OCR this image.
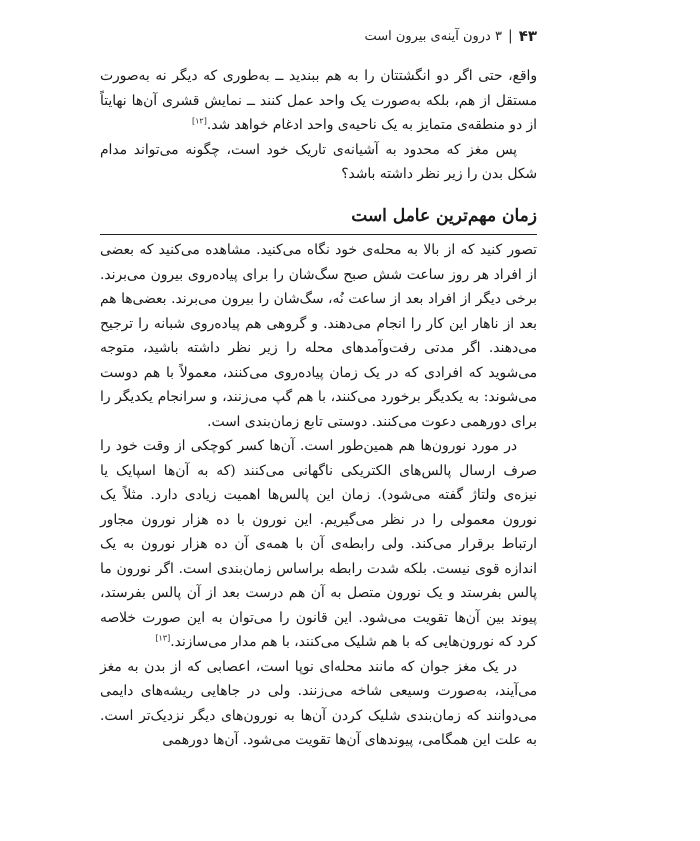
۴۳
|
۳ درون آینه‌ی بیرون است

واقع، حتی اگر دو انگشتتان را به هم ببندید ــ به‌طوری که دیگر نه به‌صورت مستقل از هم، بلکه به‌صورت یک واحد عمل کنند ــ نمایش قشری آن‌ها نهایتاً از دو منطقه‌ی متمایز به یک ناحیه‌ی واحد ادغام خواهد شد.[۱۲]

پس مغز که محدود به آشیانه‌ی تاریک خود است، چگونه می‌تواند مدام شکل بدن را زیر نظر داشته باشد؟

زمان مهم‌ترین عامل است

تصور کنید که از بالا به محله‌ی خود نگاه می‌کنید. مشاهده می‌کنید که بعضی از افراد هر روز ساعت شش صبح سگ‌شان را برای پیاده‌روی بیرون می‌برند. برخی دیگر از افراد بعد از ساعت نُه، سگ‌شان را بیرون می‌برند. بعضی‌ها هم بعد از ناهار این کار را انجام می‌دهند. و گروهی هم پیاده‌روی شبانه را ترجیح می‌دهند. اگر مدتی رفت‌وآمدهای محله را زیر نظر داشته باشید، متوجه می‌شوید که افرادی که در یک زمان پیاده‌روی می‌کنند، معمولاً با هم دوست می‌شوند: به یکدیگر برخورد می‌کنند، با هم گپ می‌زنند، و سرانجام یکدیگر را برای دورهمی دعوت می‌کنند. دوستی تابع زمان‌بندی است.

در مورد نورون‌ها هم همین‌طور است. آن‌ها کسر کوچکی از وقت خود را صرف ارسال پالس‌های الکتریکی ناگهانی می‌کنند (که به آن‌ها اسپایک یا نیزه‌ی ولتاژ گفته می‌شود). زمان این پالس‌ها اهمیت زیادی دارد. مثلاً یک نورون معمولی را در نظر می‌گیریم. این نورون با ده هزار نورون مجاور ارتباط برقرار می‌کند. ولی رابطه‌ی آن با همه‌ی آن ده هزار نورون به یک اندازه قوی نیست. بلکه شدت رابطه براساس زمان‌بندی است. اگر نورون ما پالس بفرستد و یک نورون متصل به آن هم درست بعد از آن پالس بفرستد، پیوند بین آن‌ها تقویت می‌شود. این قانون را می‌توان به این صورت خلاصه کرد که نورون‌هایی که با هم شلیک می‌کنند، با هم مدار می‌سازند.[۱۳]

در یک مغز جوان که مانند محله‌ای نوپا است، اعصابی که از بدن به مغز می‌آیند، به‌صورت وسیعی شاخه می‌زنند. ولی در جاهایی ریشه‌های دایمی می‌دوانند که زمان‌بندی شلیک کردن آن‌ها به نورون‌های دیگر نزدیک‌تر است. به علت این همگامی، پیوندهای آن‌ها تقویت می‌شود. آن‌ها دورهمی
